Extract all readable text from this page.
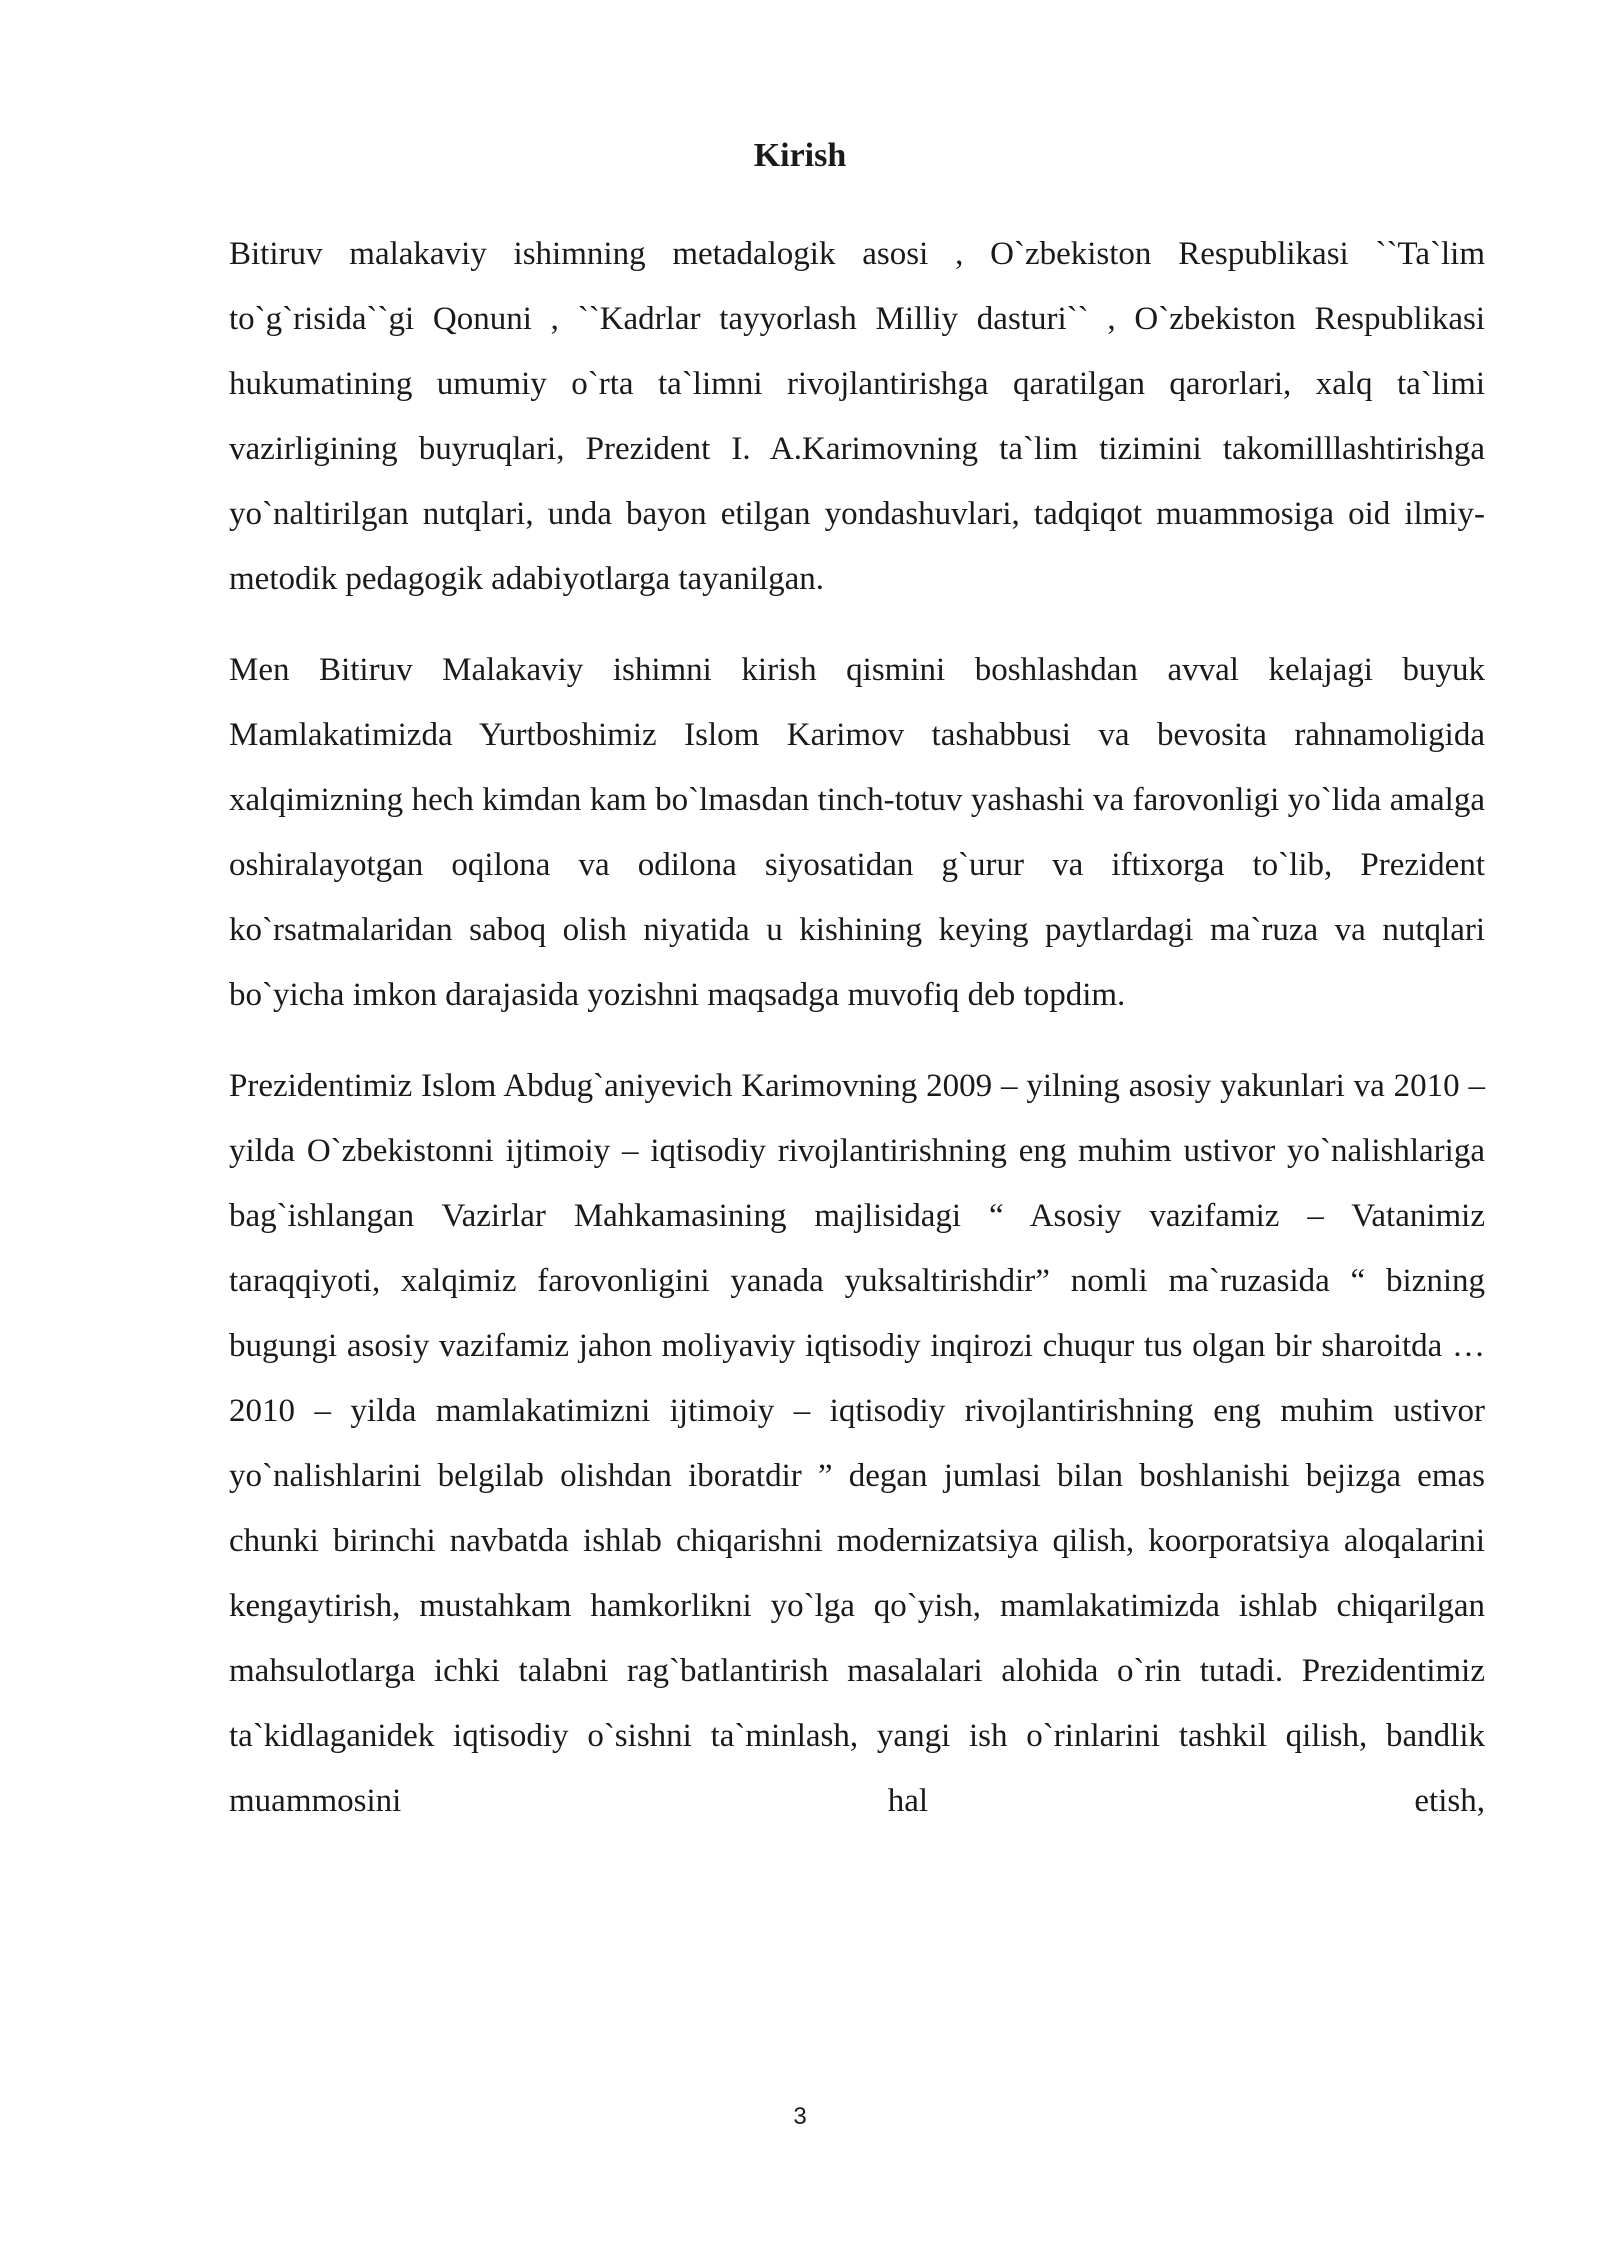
Kirish

Bitiruv malakaviy ishimning metadalogik asosi , O`zbekiston Respublikasi ``Ta`lim to`g`risida``gi Qonuni , ``Kadrlar tayyorlash Milliy dasturi`` , O`zbekiston Respublikasi hukumatining umumiy o`rta ta`limni rivojlantirishga qaratilgan qarorlari, xalq ta`limi vazirligining buyruqlari, Prezident I. A.Karimovning ta`lim tizimini takomilllashtirishga yo`naltirilgan nutqlari, unda bayon etilgan yondashuvlari, tadqiqot muammosiga oid ilmiy-metodik pedagogik adabiyotlarga tayanilgan.

Men Bitiruv Malakaviy ishimni kirish qismini boshlashdan avval kelajagi buyuk Mamlakatimizda Yurtboshimiz Islom Karimov tashabbusi va bevosita rahnamoligida xalqimizning hech kimdan kam bo`lmasdan tinch-totuv yashashi va farovonligi yo`lida amalga oshiralayotgan oqilona va odilona siyosatidan g`urur va iftixorga to`lib, Prezident ko`rsatmalaridan saboq olish niyatida u kishining keying paytlardagi ma`ruza va nutqlari bo`yicha imkon darajasida yozishni maqsadga muvofiq deb topdim.

Prezidentimiz Islom Abdug`aniyevich Karimovning 2009 – yilning asosiy yakunlari va 2010 – yilda O`zbekistonni ijtimoiy – iqtisodiy rivojlantirishning eng muhim ustivor yo`nalishlariga bag`ishlangan Vazirlar Mahkamasining majlisidagi “ Asosiy vazifamiz – Vatanimiz taraqqiyoti, xalqimiz farovonligini yanada yuksaltirishdir” nomli ma`ruzasida “ bizning bugungi asosiy vazifamiz jahon moliyaviy iqtisodiy inqirozi chuqur tus olgan bir sharoitda … 2010 – yilda mamlakatimizni ijtimoiy – iqtisodiy rivojlantirishning eng muhim ustivor yo`nalishlarini belgilab olishdan iboratdir ” degan jumlasi bilan boshlanishi bejizga emas chunki birinchi navbatda ishlab chiqarishni modernizatsiya qilish, koorporatsiya aloqalarini kengaytirish, mustahkam hamkorlikni yo`lga qo`yish, mamlakatimizda ishlab chiqarilgan mahsulotlarga ichki talabni rag`batlantirish masalalari alohida o`rin tutadi. Prezidentimiz ta`kidlaganidek iqtisodiy o`sishni ta`minlash, yangi ish o`rinlarini tashkil qilish, bandlik muammosini hal etish,

3
